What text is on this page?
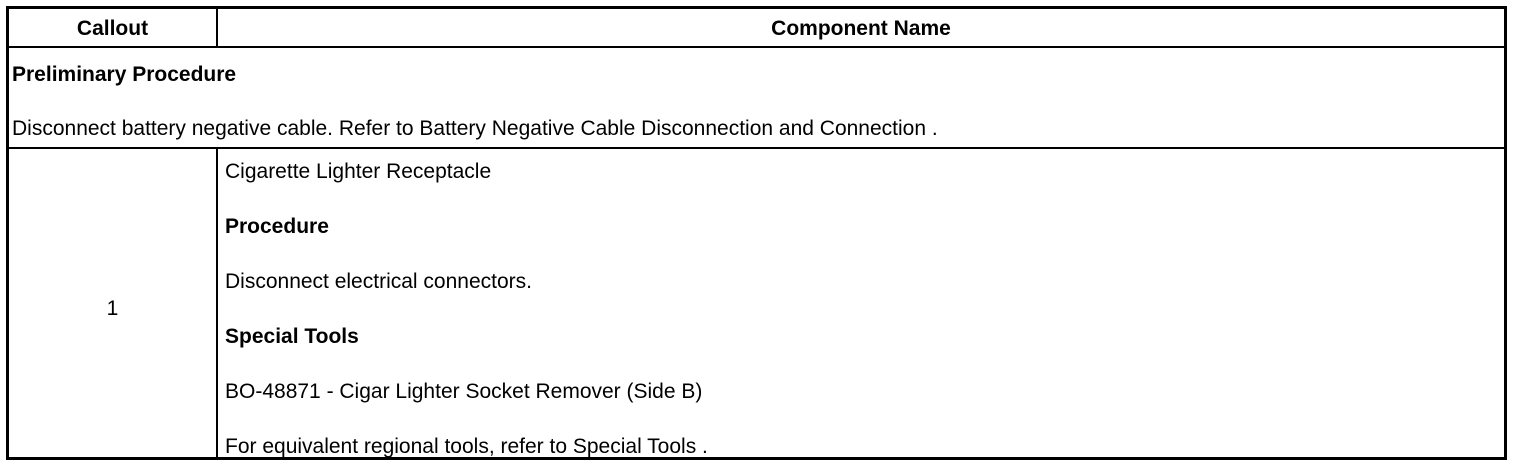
Callout	Component Name
Preliminary Procedure
Disconnect battery negative cable. Refer to Battery Negative Cable Disconnection and Connection .
1
Cigarette Lighter Receptacle
Procedure
Disconnect electrical connectors.
Special Tools
BO-48871 - Cigar Lighter Socket Remover (Side B)
For equivalent regional tools, refer to Special Tools .
